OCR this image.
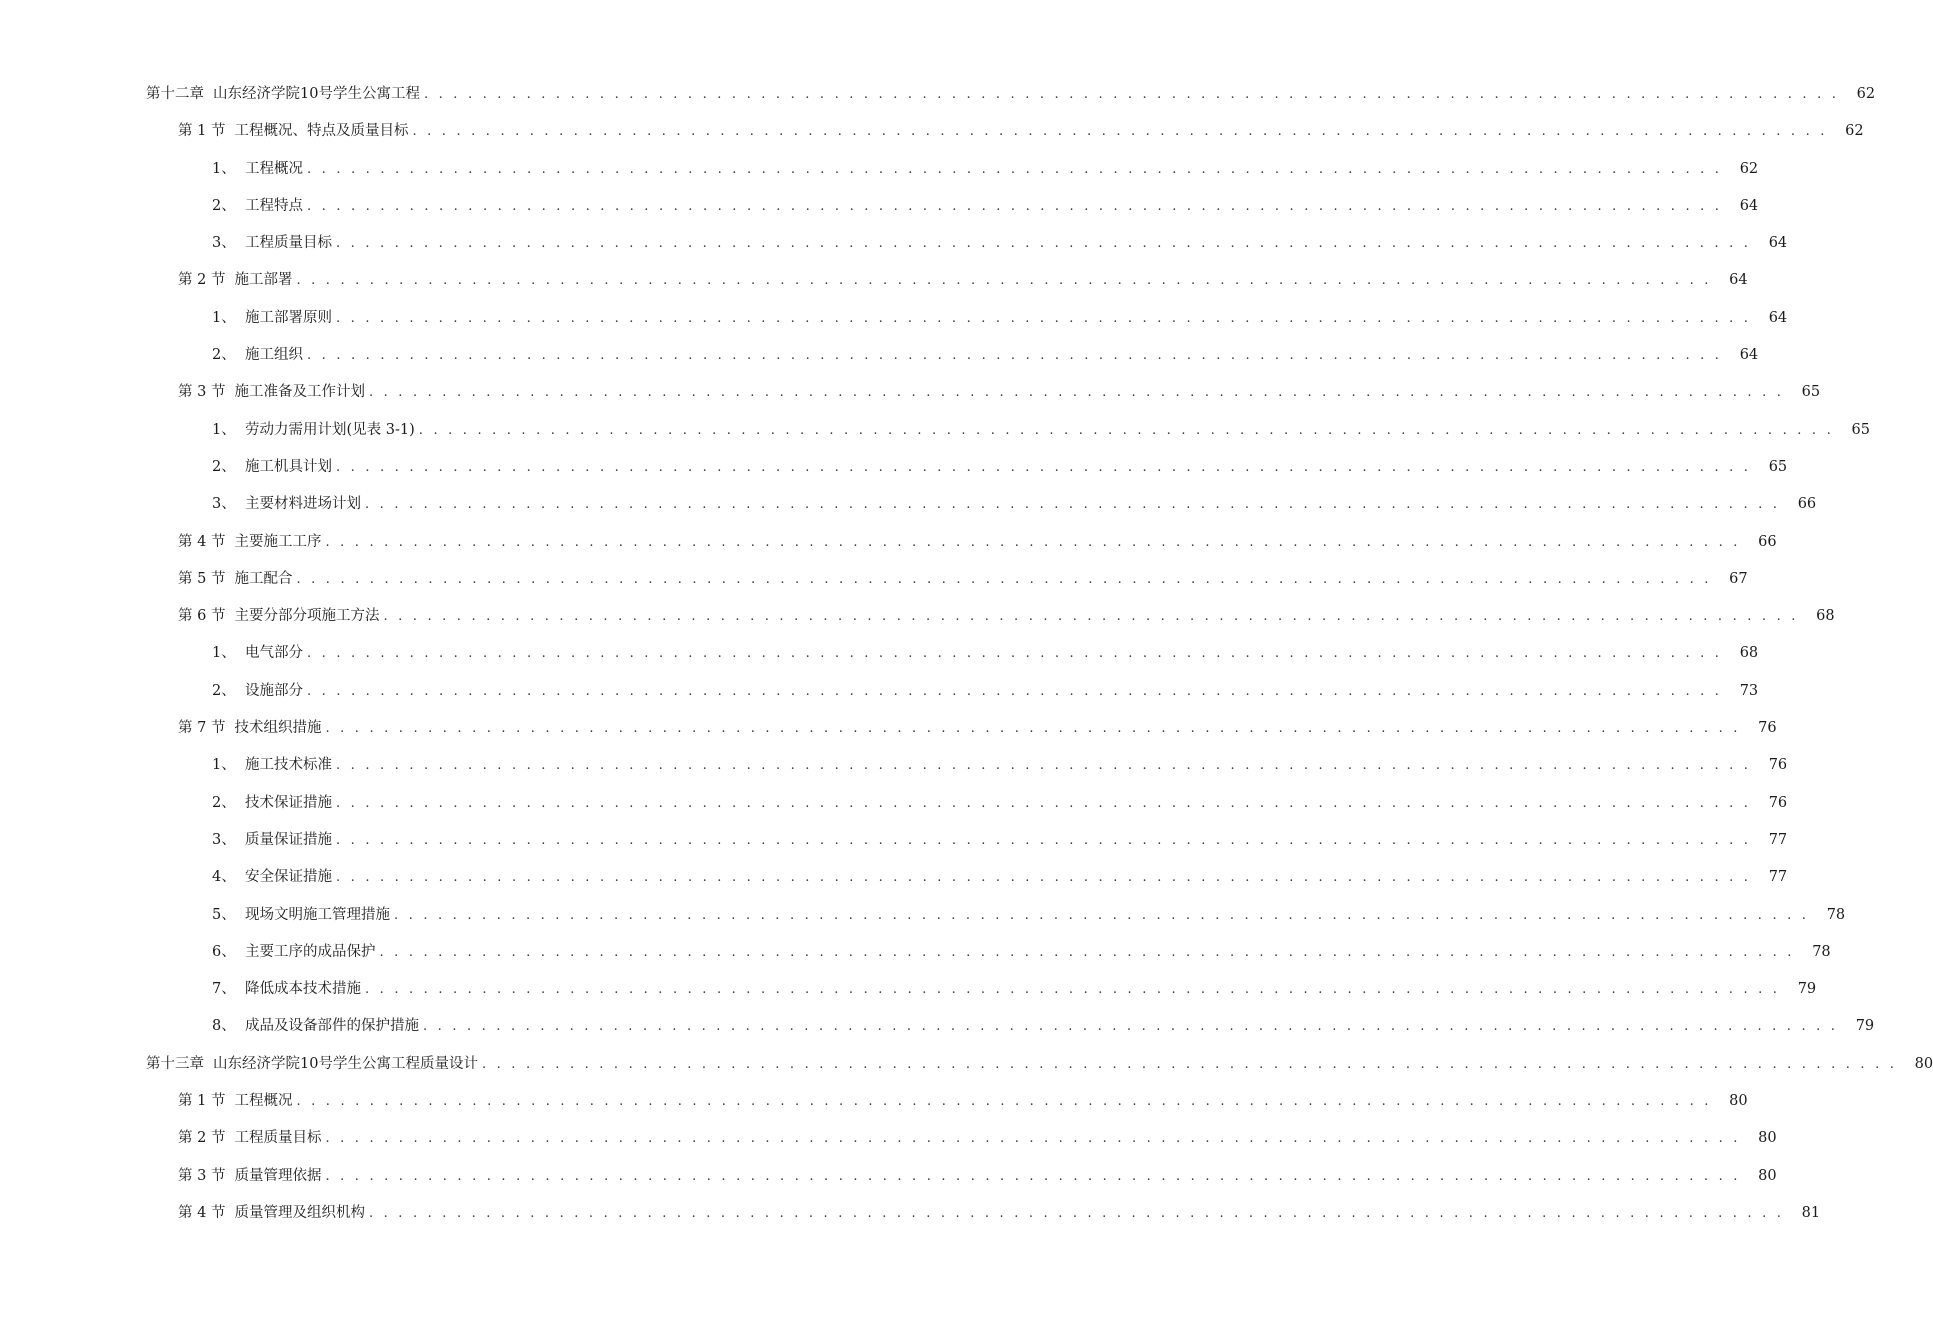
第十二章 山东经济学院10号学生公寓工程 . . . . . . . . . . . . . . . . . . . . . . . . . . . . . . . . . . . . . . . . . . . . . . . . . . . . . . . . . . . . . . . . . . . . . . . . . . . . . . . . . . . . . . . . . . . . . . . . .	62
第 1 节 工程概况、特点及质量目标 . . . . . . . . . . . . . . . . . . . . . . . . . . . . . . . . . . . . . . . . . . . . . . . . . . . . . . . . . . . . . . . . . . . . . . . . . . . . . . . . . . . . . . . . . . . . . . . . .	62
1、 工程概况 . . . . . . . . . . . . . . . . . . . . . . . . . . . . . . . . . . . . . . . . . . . . . . . . . . . . . . . . . . . . . . . . . . . . . . . . . . . . . . . . . . . . . . . . . . . . . . . . .	62
2、 工程特点 . . . . . . . . . . . . . . . . . . . . . . . . . . . . . . . . . . . . . . . . . . . . . . . . . . . . . . . . . . . . . . . . . . . . . . . . . . . . . . . . . . . . . . . . . . . . . . . . .	64
3、 工程质量目标 . . . . . . . . . . . . . . . . . . . . . . . . . . . . . . . . . . . . . . . . . . . . . . . . . . . . . . . . . . . . . . . . . . . . . . . . . . . . . . . . . . . . . . . . . . . . . . . . .	64
第 2 节 施工部署 . . . . . . . . . . . . . . . . . . . . . . . . . . . . . . . . . . . . . . . . . . . . . . . . . . . . . . . . . . . . . . . . . . . . . . . . . . . . . . . . . . . . . . . . . . . . . . . . .	64
1、 施工部署原则 . . . . . . . . . . . . . . . . . . . . . . . . . . . . . . . . . . . . . . . . . . . . . . . . . . . . . . . . . . . . . . . . . . . . . . . . . . . . . . . . . . . . . . . . . . . . . . . . .	64
2、 施工组织 . . . . . . . . . . . . . . . . . . . . . . . . . . . . . . . . . . . . . . . . . . . . . . . . . . . . . . . . . . . . . . . . . . . . . . . . . . . . . . . . . . . . . . . . . . . . . . . . .	64
第 3 节 施工准备及工作计划 . . . . . . . . . . . . . . . . . . . . . . . . . . . . . . . . . . . . . . . . . . . . . . . . . . . . . . . . . . . . . . . . . . . . . . . . . . . . . . . . . . . . . . . . . . . . . . . . .	65
1、 劳动力需用计划(见表 3-1) . . . . . . . . . . . . . . . . . . . . . . . . . . . . . . . . . . . . . . . . . . . . . . . . . . . . . . . . . . . . . . . . . . . . . . . . . . . . . . . . . . . . . . . . . . . . . . . . .	65
2、 施工机具计划 . . . . . . . . . . . . . . . . . . . . . . . . . . . . . . . . . . . . . . . . . . . . . . . . . . . . . . . . . . . . . . . . . . . . . . . . . . . . . . . . . . . . . . . . . . . . . . . . .	65
3、 主要材料进场计划 . . . . . . . . . . . . . . . . . . . . . . . . . . . . . . . . . . . . . . . . . . . . . . . . . . . . . . . . . . . . . . . . . . . . . . . . . . . . . . . . . . . . . . . . . . . . . . . . .	66
第 4 节 主要施工工序 . . . . . . . . . . . . . . . . . . . . . . . . . . . . . . . . . . . . . . . . . . . . . . . . . . . . . . . . . . . . . . . . . . . . . . . . . . . . . . . . . . . . . . . . . . . . . . . . .	66
第 5 节 施工配合 . . . . . . . . . . . . . . . . . . . . . . . . . . . . . . . . . . . . . . . . . . . . . . . . . . . . . . . . . . . . . . . . . . . . . . . . . . . . . . . . . . . . . . . . . . . . . . . . .	67
第 6 节 主要分部分项施工方法 . . . . . . . . . . . . . . . . . . . . . . . . . . . . . . . . . . . . . . . . . . . . . . . . . . . . . . . . . . . . . . . . . . . . . . . . . . . . . . . . . . . . . . . . . . . . . . . . .	68
1、 电气部分 . . . . . . . . . . . . . . . . . . . . . . . . . . . . . . . . . . . . . . . . . . . . . . . . . . . . . . . . . . . . . . . . . . . . . . . . . . . . . . . . . . . . . . . . . . . . . . . . .	68
2、 设施部分 . . . . . . . . . . . . . . . . . . . . . . . . . . . . . . . . . . . . . . . . . . . . . . . . . . . . . . . . . . . . . . . . . . . . . . . . . . . . . . . . . . . . . . . . . . . . . . . . .	73
第 7 节 技术组织措施 . . . . . . . . . . . . . . . . . . . . . . . . . . . . . . . . . . . . . . . . . . . . . . . . . . . . . . . . . . . . . . . . . . . . . . . . . . . . . . . . . . . . . . . . . . . . . . . . .	76
1、 施工技术标准 . . . . . . . . . . . . . . . . . . . . . . . . . . . . . . . . . . . . . . . . . . . . . . . . . . . . . . . . . . . . . . . . . . . . . . . . . . . . . . . . . . . . . . . . . . . . . . . . .	76
2、 技术保证措施 . . . . . . . . . . . . . . . . . . . . . . . . . . . . . . . . . . . . . . . . . . . . . . . . . . . . . . . . . . . . . . . . . . . . . . . . . . . . . . . . . . . . . . . . . . . . . . . . .	76
3、 质量保证措施 . . . . . . . . . . . . . . . . . . . . . . . . . . . . . . . . . . . . . . . . . . . . . . . . . . . . . . . . . . . . . . . . . . . . . . . . . . . . . . . . . . . . . . . . . . . . . . . . .	77
4、 安全保证措施 . . . . . . . . . . . . . . . . . . . . . . . . . . . . . . . . . . . . . . . . . . . . . . . . . . . . . . . . . . . . . . . . . . . . . . . . . . . . . . . . . . . . . . . . . . . . . . . . .	77
5、 现场文明施工管理措施 . . . . . . . . . . . . . . . . . . . . . . . . . . . . . . . . . . . . . . . . . . . . . . . . . . . . . . . . . . . . . . . . . . . . . . . . . . . . . . . . . . . . . . . . . . . . . . . . .	78
6、 主要工序的成品保护 . . . . . . . . . . . . . . . . . . . . . . . . . . . . . . . . . . . . . . . . . . . . . . . . . . . . . . . . . . . . . . . . . . . . . . . . . . . . . . . . . . . . . . . . . . . . . . . . .	78
7、 降低成本技术措施 . . . . . . . . . . . . . . . . . . . . . . . . . . . . . . . . . . . . . . . . . . . . . . . . . . . . . . . . . . . . . . . . . . . . . . . . . . . . . . . . . . . . . . . . . . . . . . . . .	79
8、 成品及设备部件的保护措施 . . . . . . . . . . . . . . . . . . . . . . . . . . . . . . . . . . . . . . . . . . . . . . . . . . . . . . . . . . . . . . . . . . . . . . . . . . . . . . . . . . . . . . . . . . . . . . . . .	79
第十三章 山东经济学院10号学生公寓工程质量设计 . . . . . . . . . . . . . . . . . . . . . . . . . . . . . . . . . . . . . . . . . . . . . . . . . . . . . . . . . . . . . . . . . . . . . . . . . . . . . . . . . . . . . . . . . . . . . . . . .	80
第 1 节 工程概况 . . . . . . . . . . . . . . . . . . . . . . . . . . . . . . . . . . . . . . . . . . . . . . . . . . . . . . . . . . . . . . . . . . . . . . . . . . . . . . . . . . . . . . . . . . . . . . . . .	80
第 2 节 工程质量目标 . . . . . . . . . . . . . . . . . . . . . . . . . . . . . . . . . . . . . . . . . . . . . . . . . . . . . . . . . . . . . . . . . . . . . . . . . . . . . . . . . . . . . . . . . . . . . . . . .	80
第 3 节 质量管理依据 . . . . . . . . . . . . . . . . . . . . . . . . . . . . . . . . . . . . . . . . . . . . . . . . . . . . . . . . . . . . . . . . . . . . . . . . . . . . . . . . . . . . . . . . . . . . . . . . .	80
第 4 节 质量管理及组织机构 . . . . . . . . . . . . . . . . . . . . . . . . . . . . . . . . . . . . . . . . . . . . . . . . . . . . . . . . . . . . . . . . . . . . . . . . . . . . . . . . . . . . . . . . . . . . . . . . .	81
